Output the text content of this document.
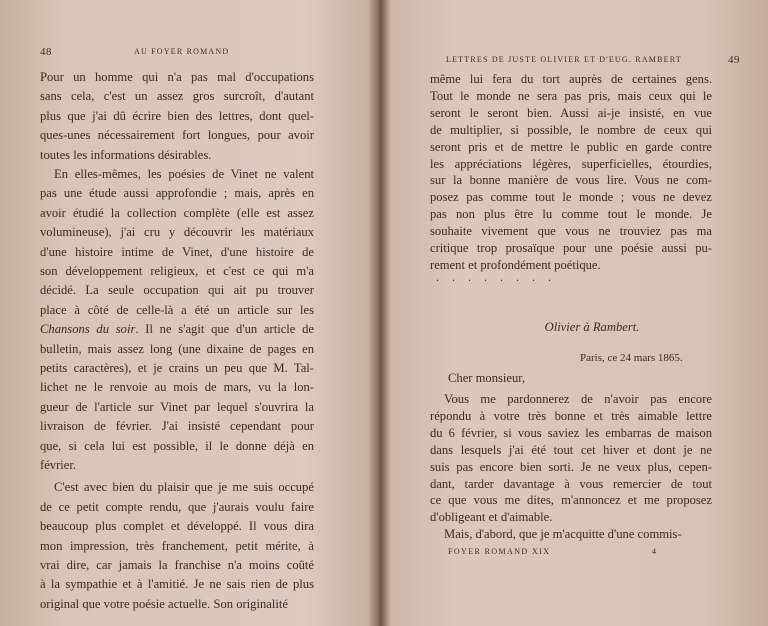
48	AU FOYER ROMAND
Pour un homme qui n'a pas mal d'occupations
sans cela, c'est un assez gros surcroît, d'autant
plus que j'ai dû écrire bien des lettres, dont quel-
ques-unes nécessairement fort longues, pour avoir
toutes les informations désirables.
En elles-mêmes, les poésies de Vinet ne valent
pas une étude aussi approfondie ; mais, après en
avoir étudié la collection complète (elle est assez
volumineuse), j'ai cru y découvrir les matériaux
d'une histoire intime de Vinet, d'une histoire de
son développement religieux, et c'est ce qui m'a
décidé. La seule occupation qui ait pu trouver
place à côté de celle-là a été un article sur les
Chansons du soir. Il ne s'agit que d'un article de
bulletin, mais assez long (une dixaine de pages en
petits caractères), et je crains un peu que M. Tal-
lichet ne le renvoie au mois de mars, vu la lon-
gueur de l'article sur Vinet par lequel s'ouvrira la
livraison de février. J'ai insisté cependant pour
que, si cela lui est possible, il le donne déjà en
février.
C'est avec bien du plaisir que je me suis occupé
de ce petit compte rendu, que j'aurais voulu faire
beaucoup plus complet et développé. Il vous dira
mon impression, très franchement, petit mérite, à
vrai dire, car jamais la franchise n'a moins coûté
à la sympathie et à l'amitié. Je ne sais rien de plus
original que votre poésie actuelle. Son originalité
LETTRES DE JUSTE OLIVIER ET D'EUG. RAMBERT	49
même lui fera du tort auprès de certaines gens.
Tout le monde ne sera pas pris, mais ceux qui le
seront le seront bien. Aussi ai-je insisté, en vue
de multiplier, si possible, le nombre de ceux qui
seront pris et de mettre le public en garde contre
les appréciations légères, superficielles, étourdies,
sur la bonne manière de vous lire. Vous ne com-
posez pas comme tout le monde ; vous ne devez
pas non plus être lu comme tout le monde. Je
souhaite vivement que vous ne trouviez pas ma
critique trop prosaïque pour une poésie aussi pu-
rement et profondément poétique.
........
Olivier à Rambert.
Paris, ce 24 mars 1865.
Cher monsieur,
Vous me pardonnerez de n'avoir pas encore
répondu à votre très bonne et très aimable lettre
du 6 février, si vous saviez les embarras de maison
dans lesquels j'ai été tout cet hiver et dont je ne
suis pas encore bien sorti. Je ne veux plus, cepen-
dant, tarder davantage à vous remercier de tout
ce que vous me dites, m'annoncez et me proposez
d'obligeant et d'aimable.
Mais, d'abord, que je m'acquitte d'une commis-
FOYER ROMAND XIX	4
